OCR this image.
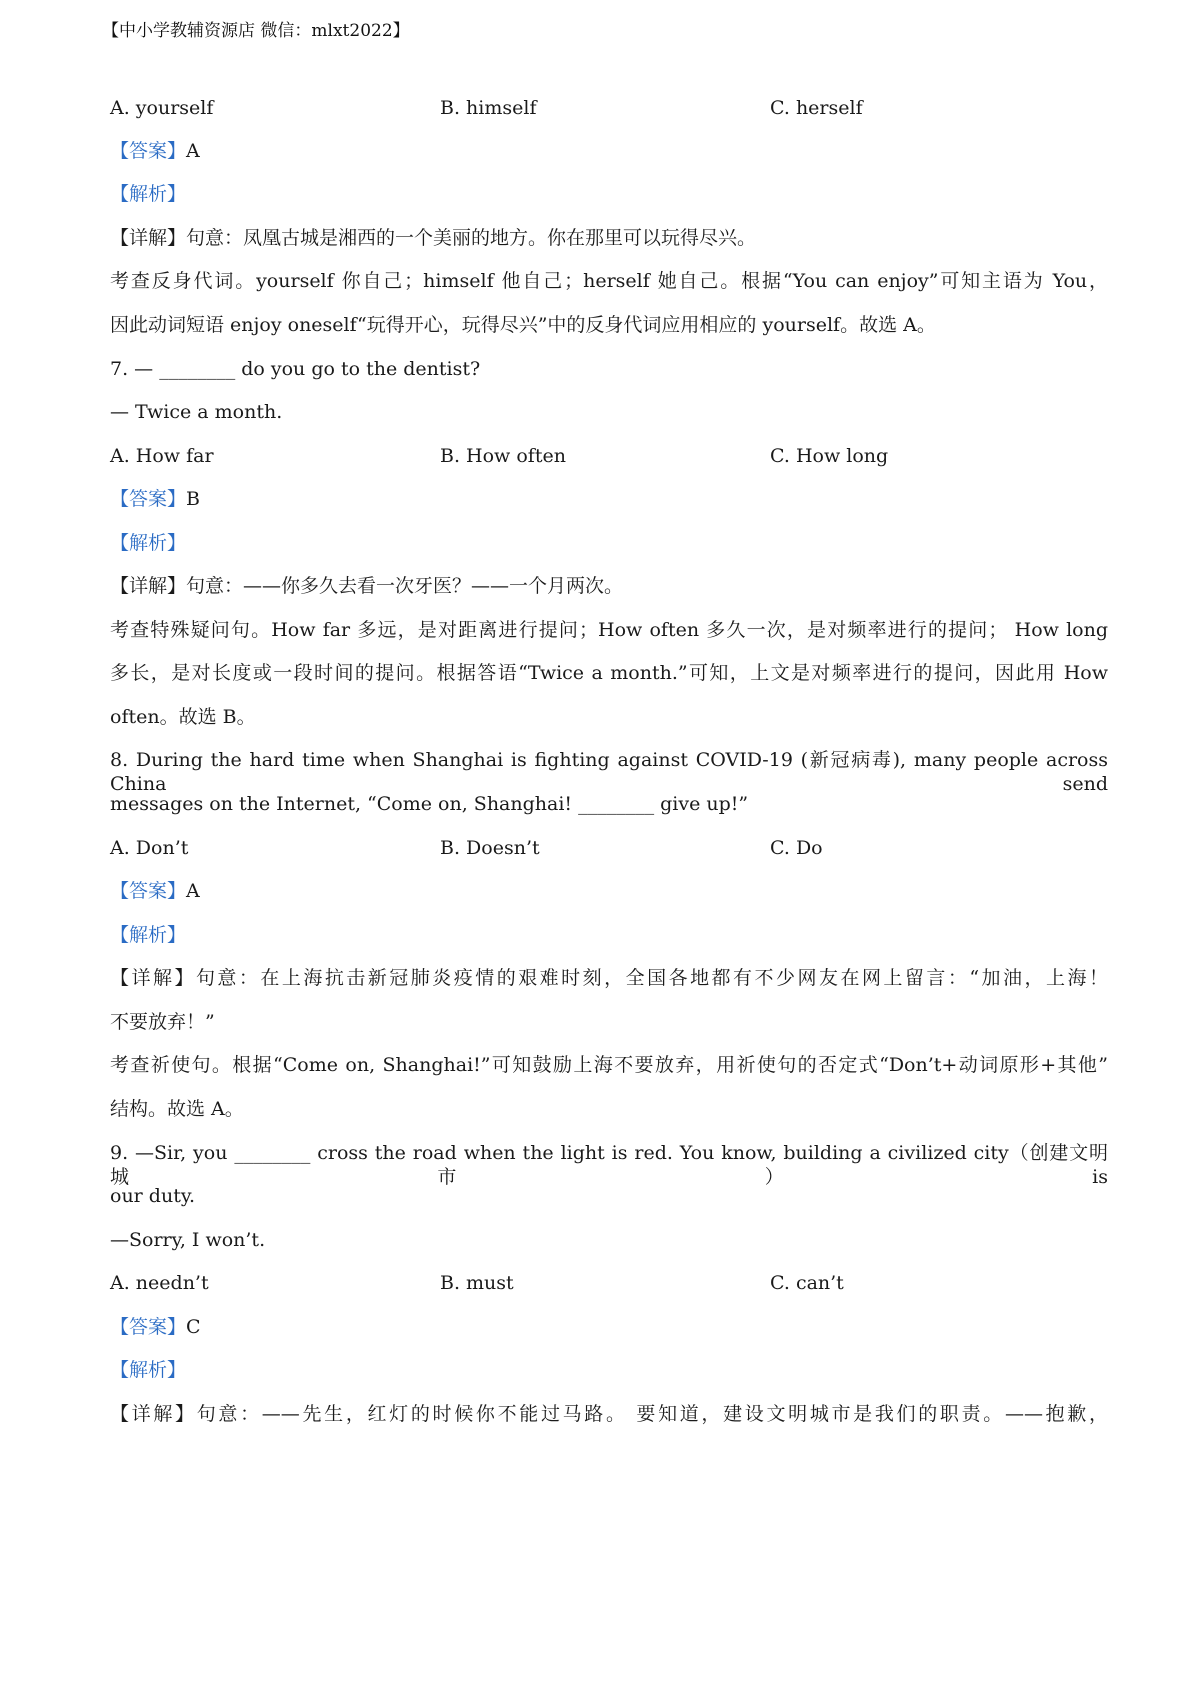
【中小学教辅资源店 微信：mlxt2022】
A. yourself	B. himself	C. herself
【答案】A
【解析】
【详解】句意：凤凰古城是湘西的一个美丽的地方。你在那里可以玩得尽兴。
考查反身代词。yourself 你自己；himself 他自己；herself 她自己。根据“You can enjoy”可知主语为 You，
因此动词短语 enjoy oneself“玩得开心，玩得尽兴”中的反身代词应用相应的 yourself。故选 A。
7. — ________ do you go to the dentist?
— Twice a month.
A. How far	B. How often	C. How long
【答案】B
【解析】
【详解】句意：——你多久去看一次牙医？——一个月两次。
考查特殊疑问句。How far 多远，是对距离进行提问；How often 多久一次，是对频率进行的提问； How long
多长，是对长度或一段时间的提问。根据答语“Twice a month.”可知，上文是对频率进行的提问，因此用 How
often。故选 B。
8. During the hard time when Shanghai is fighting against COVID-19 (新冠病毒), many people across China send
messages on the Internet, “Come on, Shanghai! ________ give up!”
A. Don’t	B. Doesn’t	C. Do
【答案】A
【解析】
【详解】句意：在上海抗击新冠肺炎疫情的艰难时刻，全国各地都有不少网友在网上留言：“加油，上海！
不要放弃！”
考查祈使句。根据“Come on, Shanghai!”可知鼓励上海不要放弃，用祈使句的否定式“Don’t+动词原形+其他”
结构。故选 A。
9. —Sir, you ________ cross the road when the light is red. You know, building a civilized city（创建文明城市）is
our duty.
—Sorry, I won’t.
A. needn’t	B. must	C. can’t
【答案】C
【解析】
【详解】句意：——先生，红灯的时候你不能过马路。 要知道，建设文明城市是我们的职责。——抱歉，
